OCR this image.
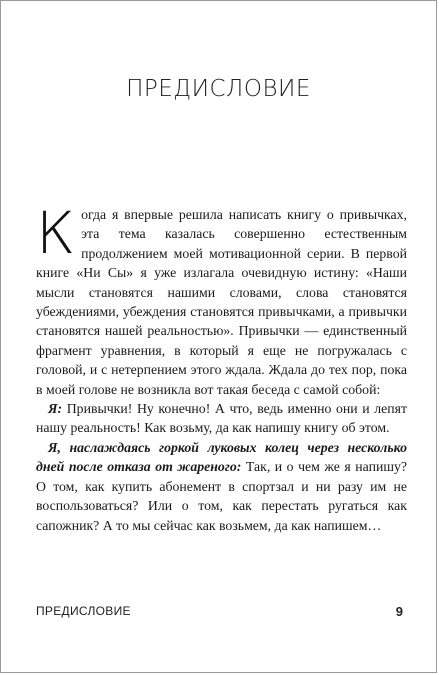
ПРЕДИСЛОВИЕ

Когда я впервые решила написать книгу о привычках, эта тема казалась совершенно естественным продолжением моей мотивационной серии. В первой книге «Ни Сы» я уже излагала очевидную истину: «Наши мысли становятся нашими словами, слова становятся убеждениями, убеждения становятся привычками, а привычки становятся нашей реальностью». Привычки — единственный фрагмент уравнения, в который я еще не погружалась с головой, и с нетерпением этого ждала. Ждала до тех пор, пока в моей голове не возникла вот такая беседа с самой собой:

Я: Привычки! Ну конечно! А что, ведь именно они и лепят нашу реальность! Как возьму, да как напишу книгу об этом.

Я, наслаждаясь горкой луковых колец через несколько дней после отказа от жареного: Так, и о чем же я напишу? О том, как купить абонемент в спортзал и ни разу им не воспользоваться? Или о том, как перестать ругаться как сапожник? А то мы сейчас как возьмем, да как напишем…

ПРЕДИСЛОВИЕ	9
